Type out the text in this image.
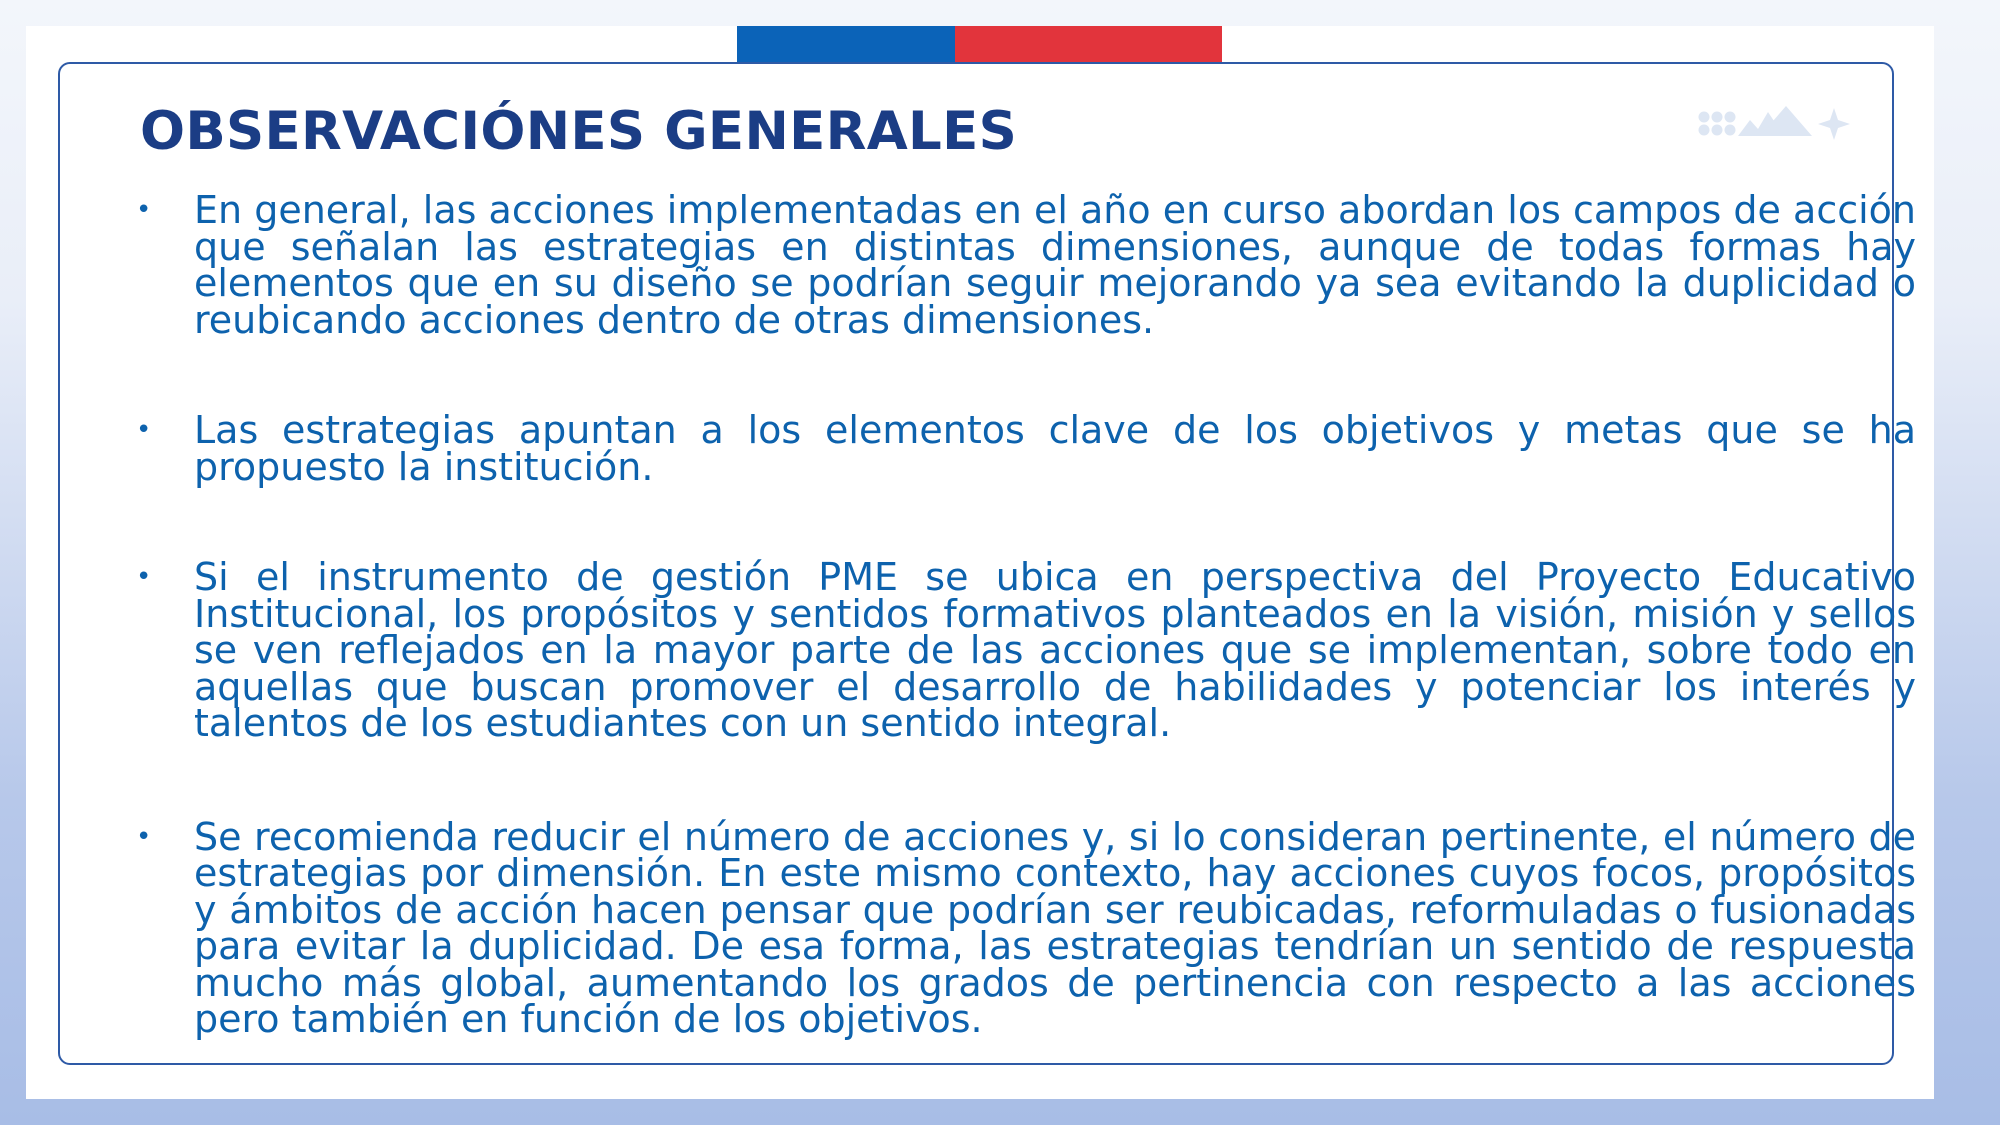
OBSERVACIÓNES GENERALES
• En general, las acciones implementadas en el año en curso abordan los campos de acción que señalan las estrategias en distintas dimensiones, aunque de todas formas hay elementos que en su diseño se podrían seguir mejorando ya sea evitando la duplicidad o reubicando acciones dentro de otras dimensiones.
• Las estrategias apuntan a los elementos clave de los objetivos y metas que se ha propuesto la institución.
• Si el instrumento de gestión PME se ubica en perspectiva del Proyecto Educativo Institucional, los propósitos y sentidos formativos planteados en la visión, misión y sellos se ven reflejados en la mayor parte de las acciones que se implementan, sobre todo en aquellas que buscan promover el desarrollo de habilidades y potenciar los interés y talentos de los estudiantes con un sentido integral.
• Se recomienda reducir el número de acciones y, si lo consideran pertinente, el número de estrategias por dimensión. En este mismo contexto, hay acciones cuyos focos, propósitos y ámbitos de acción hacen pensar que podrían ser reubicadas, reformuladas o fusionadas para evitar la duplicidad. De esa forma, las estrategias tendrían un sentido de respuesta mucho más global, aumentando los grados de pertinencia con respecto a las acciones pero también en función de los objetivos.
